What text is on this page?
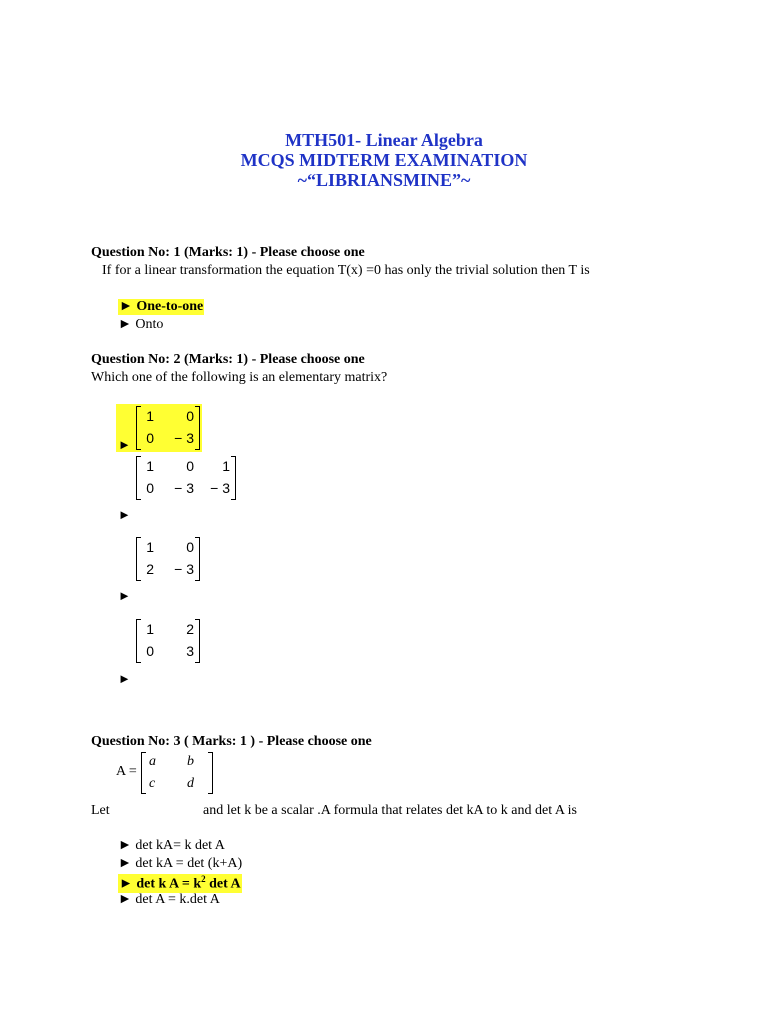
MTH501- Linear Algebra
MCQS MIDTERM EXAMINATION
~“LIBRIANSMINE”~
Question No: 1 (Marks: 1) - Please choose one
If for a linear transformation the equation T(x) =0 has only the trivial solution then T is
► One-to-one
► Onto
Question No: 2 (Marks: 1) - Please choose one
Which one of the following is an elementary matrix?
1	0
0	− 3
►
1	0	1
0	− 3	− 3
►
1	0
2	− 3
►
1	2
0	3
►
Question No: 3 ( Marks: 1 ) - Please choose one
A =
a b
c d
Let	and let k be a scalar .A formula that relates det kA to k and det A is
► det kA= k det A
► det kA = det (k+A)
► det k $A = k^2$ det A
► det A = k.det A
